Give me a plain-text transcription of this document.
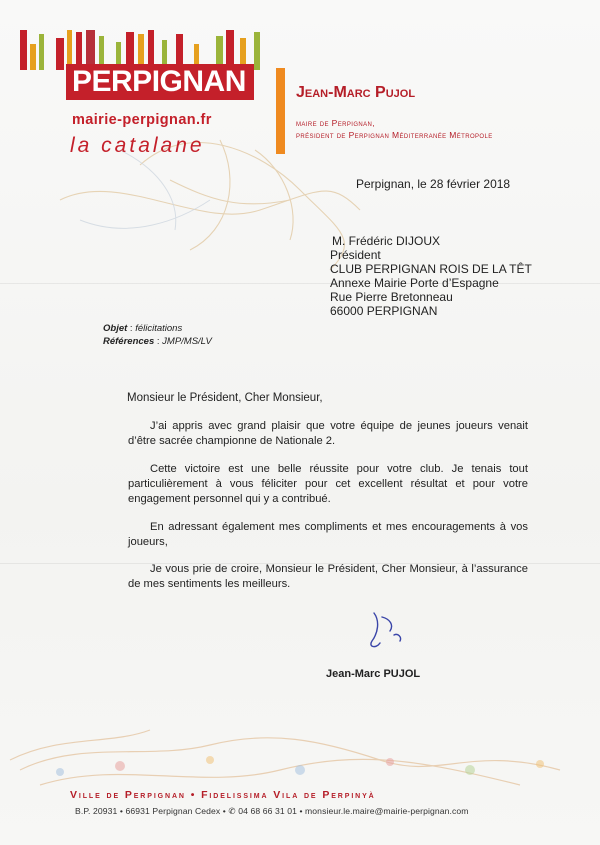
PERPIGNAN
mairie-perpignan.fr
la catalane
Jean-Marc Pujol
maire de Perpignan,
président de Perpignan Méditerranée Métropole
Perpignan, le 28 février 2018
M. Frédéric DIJOUX
Président
CLUB PERPIGNAN ROIS DE LA TÊT
Annexe Mairie Porte d’Espagne
Rue Pierre Bretonneau
66000 PERPIGNAN
Objet : félicitations
Références : JMP/MS/LV
Monsieur le Président, Cher Monsieur,
J’ai appris avec grand plaisir que votre équipe de jeunes joueurs venait d’être sacrée championne de Nationale 2.
Cette victoire est une belle réussite pour votre club. Je tenais tout particulièrement à vous féliciter pour cet excellent résultat et pour votre engagement personnel qui y a contribué.
En adressant également mes compliments et mes encouragements à vos joueurs,
Je vous prie de croire, Monsieur le Président, Cher Monsieur, à l’assurance de mes sentiments les meilleurs.
Jean-Marc PUJOL
Ville de Perpignan • Fidelissima Vila de Perpinyà
B.P. 20931 • 66931 Perpignan Cedex • ✆ 04 68 66 31 01 • monsieur.le.maire@mairie-perpignan.com
